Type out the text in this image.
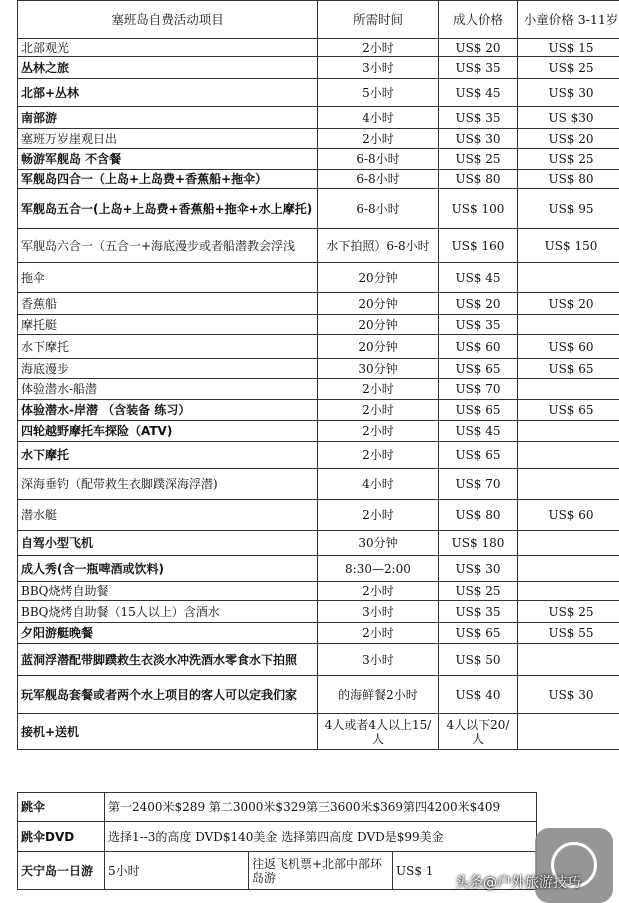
塞班岛自费活动项目	所需时间	成人价格	小童价格 3-11岁
北部观光	2小时	US$ 20	US$ 15
丛林之旅	3小时	US$ 35	US$ 25
北部+丛林	5小时	US$ 45	US$ 30
南部游	4小时	US$ 35	US $30
塞班万岁崖观日出	2小时	US$ 30	US$ 20
畅游军舰岛 不含餐	6-8小时	US$ 25	US$ 25
军舰岛四合一（上岛+上岛费+香蕉船+拖伞）	6-8小时	US$ 80	US$ 80
军舰岛五合一(上岛+上岛费+香蕉船+拖伞+水上摩托)	6-8小时	US$ 100	US$ 95
军舰岛六合一（五合一+海底漫步或者船潜教会浮浅	水下拍照）6-8小时	US$ 160	US$ 150
拖伞	20分钟	US$ 45	
香蕉船	20分钟	US$ 20	US$ 20
摩托艇	20分钟	US$ 35	
水下摩托	20分钟	US$ 60	US$ 60
海底漫步	30分钟	US$ 65	US$ 65
体验潜水-船潜	2小时	US$ 70	
体验潜水-岸潜 （含装备 练习）	2小时	US$ 65	US$ 65
四轮越野摩托车探险（ATV)	2小时	US$ 45	
水下摩托	2小时	US$ 65	
深海垂钓（配带救生衣脚蹼深海浮潜)	4小时	US$ 70	
潜水艇	2小时	US$ 80	US$ 60
自驾小型飞机	30分钟	US$ 180	
成人秀(含一瓶啤酒或饮料)	8:30—2:00	US$ 30	
BBQ烧烤自助餐	2小时	US$ 25	
BBQ烧烤自助餐（15人以上）含酒水	3小时	US$ 35	US$ 25
夕阳游艇晚餐	2小时	US$ 65	US$ 55
蓝洞浮潜配带脚蹼救生衣淡水冲洗酒水零食水下拍照	3小时	US$ 50	
玩军舰岛套餐或者两个水上项目的客人可以定我们家	的海鲜餐2小时	US$ 40	US$ 30
接机+送机	4人或者4人以上15/人	4人以下20/人	
跳伞	第一2400米$289 第二3000米$329第三3600米$369第四4200米$409		
跳伞DVD	选择1--3的高度 DVD$140美金 选择第四高度 DVD是$99美金		
天宁岛一日游	5小时	往返飞机票+北部中部环岛游	US$ 1
头条@户外旅游技巧
